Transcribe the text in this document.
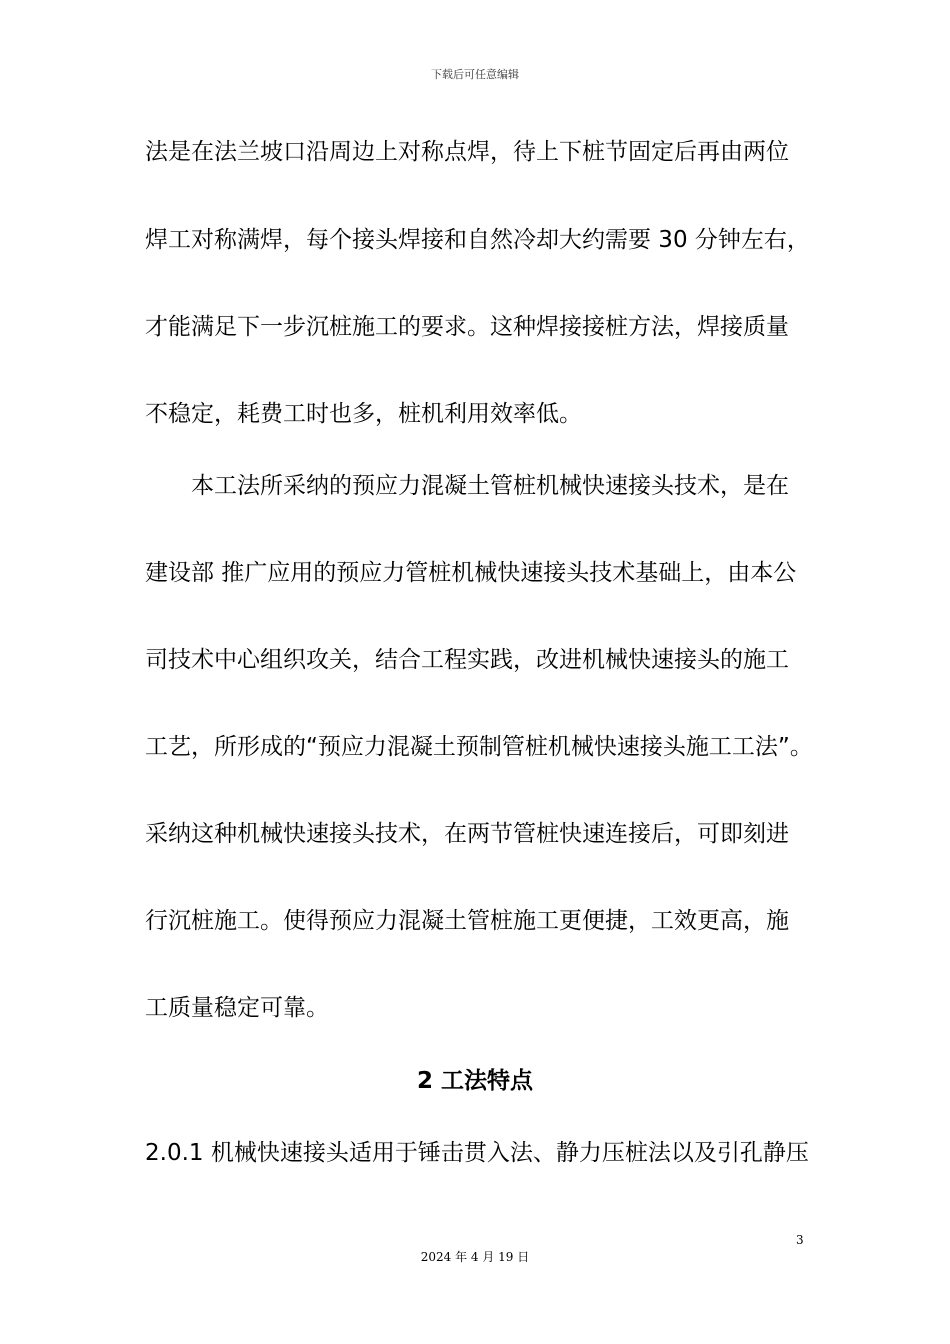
下载后可任意编辑
法是在法兰坡口沿周边上对称点焊，待上下桩节固定后再由两位
焊工对称满焊，每个接头焊接和自然冷却大约需要 30 分钟左右，
才能满足下一步沉桩施工的要求。这种焊接接桩方法，焊接质量
不稳定，耗费工时也多，桩机利用效率低。
　　本工法所采纳的预应力混凝土管桩机械快速接头技术，是在
建设部 推广应用的预应力管桩机械快速接头技术基础上，由本公
司技术中心组织攻关，结合工程实践，改进机械快速接头的施工
工艺，所形成的“预应力混凝土预制管桩机械快速接头施工工法”。
采纳这种机械快速接头技术，在两节管桩快速连接后，可即刻进
行沉桩施工。使得预应力混凝土管桩施工更便捷，工效更高，施
工质量稳定可靠。
2 工法特点
2.0.1 机械快速接头适用于锤击贯入法、静力压桩法以及引孔静压
3
2024 年 4 月 19 日
